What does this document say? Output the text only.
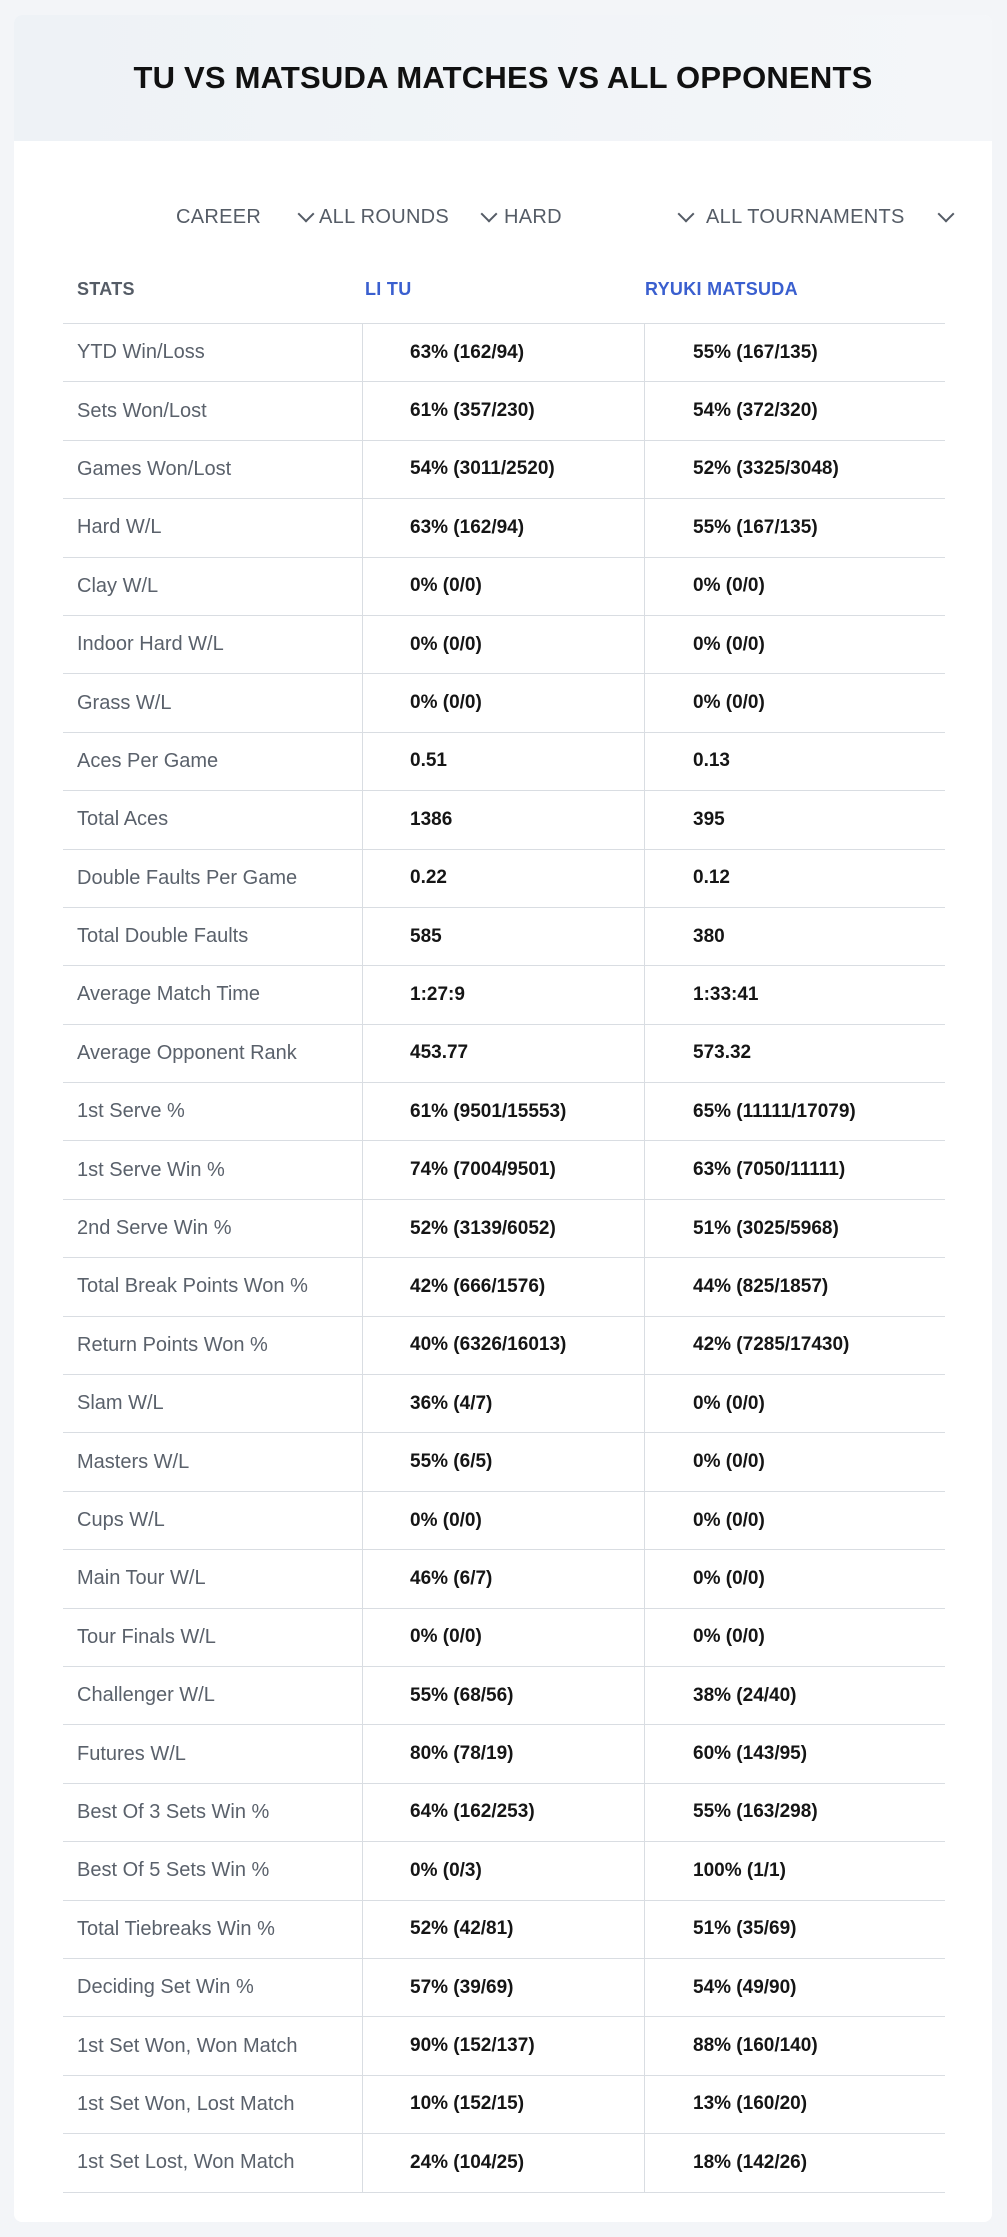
TU VS MATSUDA MATCHES VS ALL OPPONENTS
CAREER	ALL ROUNDS	HARD	ALL TOURNAMENTS
STATS	LI TU	RYUKI MATSUDA
YTD Win/Loss	63% (162/94)	55% (167/135)
Sets Won/Lost	61% (357/230)	54% (372/320)
Games Won/Lost	54% (3011/2520)	52% (3325/3048)
Hard W/L	63% (162/94)	55% (167/135)
Clay W/L	0% (0/0)	0% (0/0)
Indoor Hard W/L	0% (0/0)	0% (0/0)
Grass W/L	0% (0/0)	0% (0/0)
Aces Per Game	0.51	0.13
Total Aces	1386	395
Double Faults Per Game	0.22	0.12
Total Double Faults	585	380
Average Match Time	1:27:9	1:33:41
Average Opponent Rank	453.77	573.32
1st Serve %	61% (9501/15553)	65% (11111/17079)
1st Serve Win %	74% (7004/9501)	63% (7050/11111)
2nd Serve Win %	52% (3139/6052)	51% (3025/5968)
Total Break Points Won %	42% (666/1576)	44% (825/1857)
Return Points Won %	40% (6326/16013)	42% (7285/17430)
Slam W/L	36% (4/7)	0% (0/0)
Masters W/L	55% (6/5)	0% (0/0)
Cups W/L	0% (0/0)	0% (0/0)
Main Tour W/L	46% (6/7)	0% (0/0)
Tour Finals W/L	0% (0/0)	0% (0/0)
Challenger W/L	55% (68/56)	38% (24/40)
Futures W/L	80% (78/19)	60% (143/95)
Best Of 3 Sets Win %	64% (162/253)	55% (163/298)
Best Of 5 Sets Win %	0% (0/3)	100% (1/1)
Total Tiebreaks Win %	52% (42/81)	51% (35/69)
Deciding Set Win %	57% (39/69)	54% (49/90)
1st Set Won, Won Match	90% (152/137)	88% (160/140)
1st Set Won, Lost Match	10% (152/15)	13% (160/20)
1st Set Lost, Won Match	24% (104/25)	18% (142/26)
